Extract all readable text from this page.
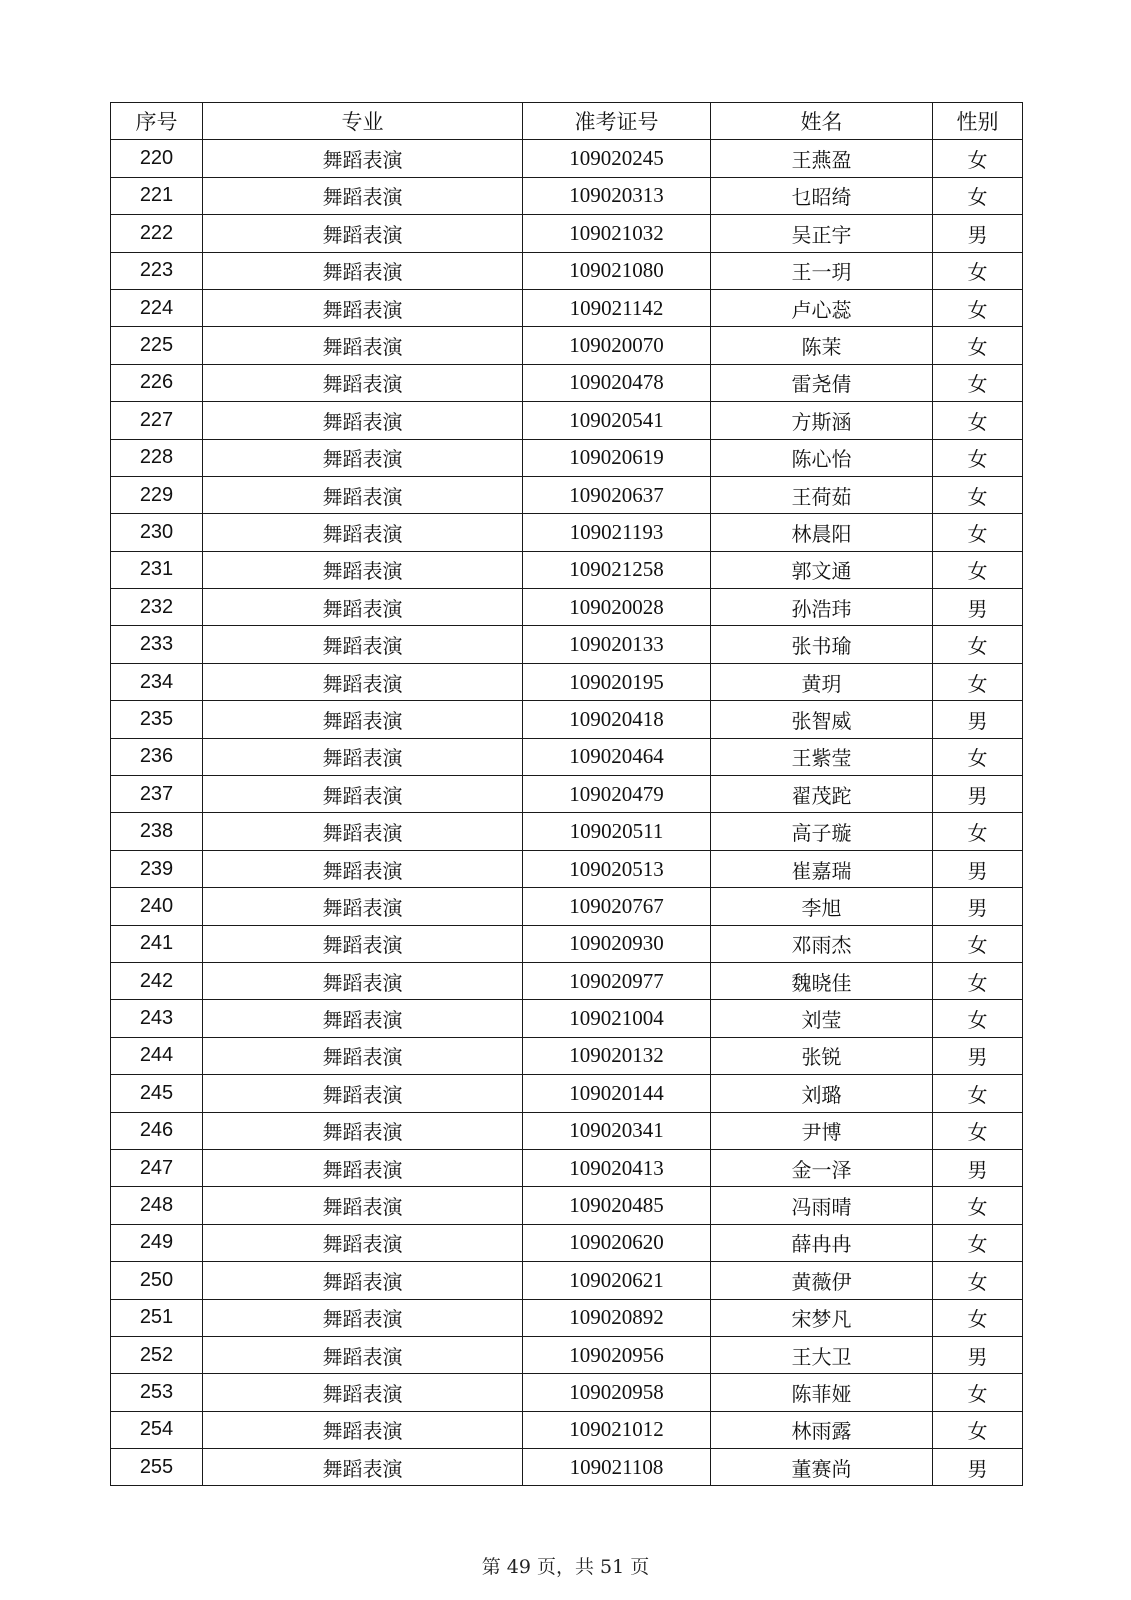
序号	专业	准考证号	姓名	性别
220	舞蹈表演	109020245	王燕盈	女
221	舞蹈表演	109020313	乜昭绮	女
222	舞蹈表演	109021032	吴正宇	男
223	舞蹈表演	109021080	王一玥	女
224	舞蹈表演	109021142	卢心蕊	女
225	舞蹈表演	109020070	陈茉	女
226	舞蹈表演	109020478	雷尧倩	女
227	舞蹈表演	109020541	方斯涵	女
228	舞蹈表演	109020619	陈心怡	女
229	舞蹈表演	109020637	王荷茹	女
230	舞蹈表演	109021193	林晨阳	女
231	舞蹈表演	109021258	郭文通	女
232	舞蹈表演	109020028	孙浩玮	男
233	舞蹈表演	109020133	张书瑜	女
234	舞蹈表演	109020195	黄玥	女
235	舞蹈表演	109020418	张智威	男
236	舞蹈表演	109020464	王紫莹	女
237	舞蹈表演	109020479	翟茂跎	男
238	舞蹈表演	109020511	高子璇	女
239	舞蹈表演	109020513	崔嘉瑞	男
240	舞蹈表演	109020767	李旭	男
241	舞蹈表演	109020930	邓雨杰	女
242	舞蹈表演	109020977	魏晓佳	女
243	舞蹈表演	109021004	刘莹	女
244	舞蹈表演	109020132	张锐	男
245	舞蹈表演	109020144	刘璐	女
246	舞蹈表演	109020341	尹博	女
247	舞蹈表演	109020413	金一泽	男
248	舞蹈表演	109020485	冯雨晴	女
249	舞蹈表演	109020620	薛冉冉	女
250	舞蹈表演	109020621	黄薇伊	女
251	舞蹈表演	109020892	宋梦凡	女
252	舞蹈表演	109020956	王大卫	男
253	舞蹈表演	109020958	陈菲娅	女
254	舞蹈表演	109021012	林雨露	女
255	舞蹈表演	109021108	董赛尚	男
第 49 页，共 51 页
